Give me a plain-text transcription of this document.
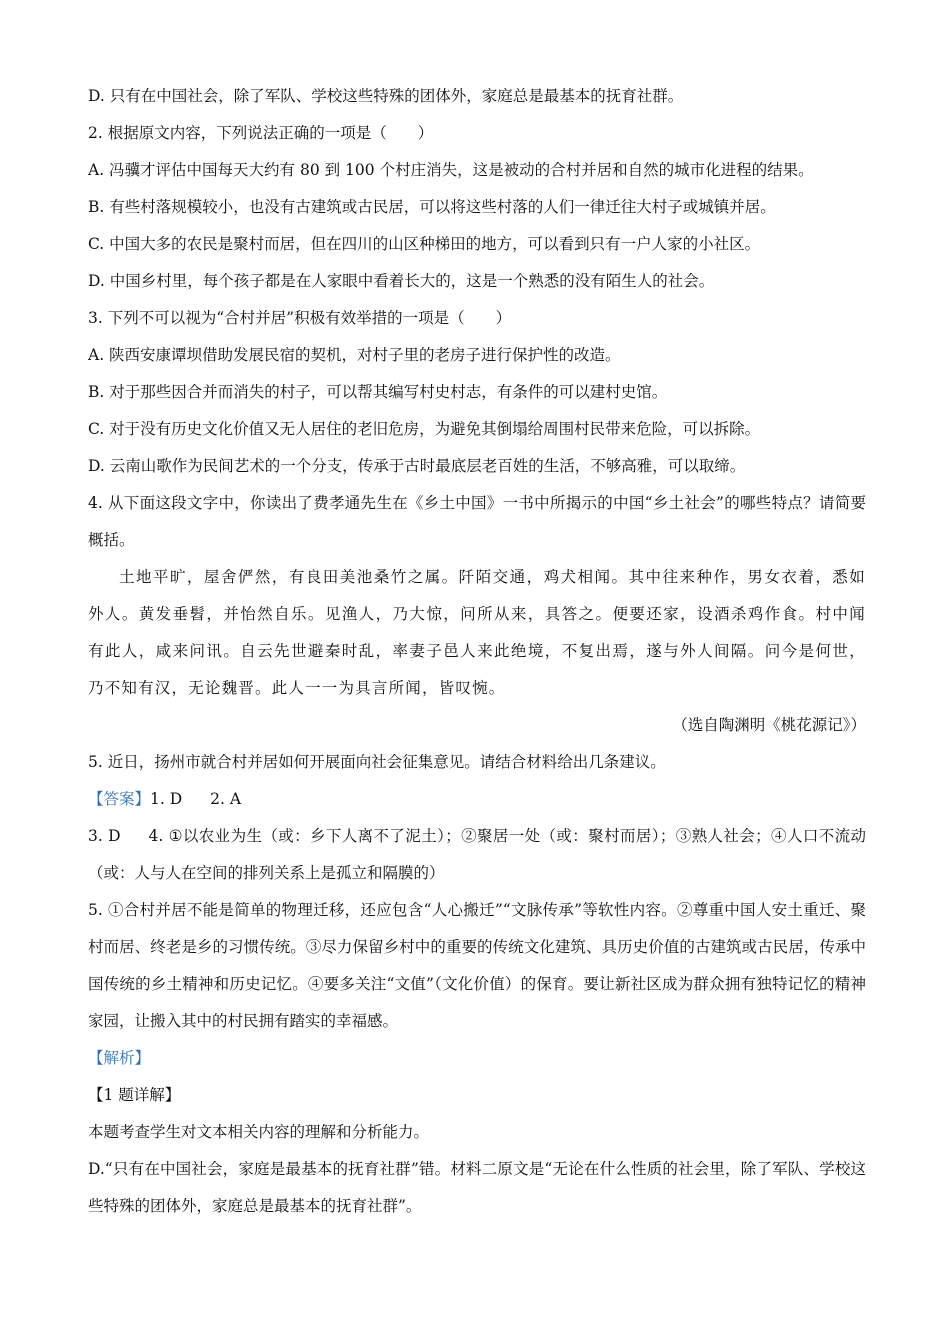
D. 只有在中国社会，除了军队、学校这些特殊的团体外，家庭总是最基本的抚育社群。
2. 根据原文内容，下列说法正确的一项是（　　）
A. 冯骥才评估中国每天大约有 80 到 100 个村庄消失，这是被动的合村并居和自然的城市化进程的结果。
B. 有些村落规模较小，也没有古建筑或古民居，可以将这些村落的人们一律迁往大村子或城镇并居。
C. 中国大多的农民是聚村而居，但在四川的山区种梯田的地方，可以看到只有一户人家的小社区。
D. 中国乡村里，每个孩子都是在人家眼中看着长大的，这是一个熟悉的没有陌生人的社会。
3. 下列不可以视为“合村并居”积极有效举措的一项是（　　）
A. 陕西安康谭坝借助发展民宿的契机，对村子里的老房子进行保护性的改造。
B. 对于那些因合并而消失的村子，可以帮其编写村史村志，有条件的可以建村史馆。
C. 对于没有历史文化价值又无人居住的老旧危房，为避免其倒塌给周围村民带来危险，可以拆除。
D. 云南山歌作为民间艺术的一个分支，传承于古时最底层老百姓的生活，不够高雅，可以取缔。
4. 从下面这段文字中，你读出了费孝通先生在《乡土中国》一书中所揭示的中国“乡土社会”的哪些特点？请简要概括。
土地平旷，屋舍俨然，有良田美池桑竹之属。阡陌交通，鸡犬相闻。其中往来种作，男女衣着，悉如外人。黄发垂髫，并怡然自乐。见渔人，乃大惊，问所从来，具答之。便要还家，设酒杀鸡作食。村中闻有此人，咸来问讯。自云先世避秦时乱，率妻子邑人来此绝境，不复出焉，遂与外人间隔。问今是何世，乃不知有汉，无论魏晋。此人一一为具言所闻，皆叹惋。
（选自陶渊明《桃花源记》）
5. 近日，扬州市就合村并居如何开展面向社会征集意见。请结合材料给出几条建议。
【答案】1. D 2. A
3. D 4. ①以农业为生（或：乡下人离不了泥土）；②聚居一处（或：聚村而居）；③熟人社会；④人口不流动（或：人与人在空间的排列关系上是孤立和隔膜的）
5. ①合村并居不能是简单的物理迁移，还应包含“人心搬迁”“文脉传承”等软性内容。②尊重中国人安土重迁、聚村而居、终老是乡的习惯传统。③尽力保留乡村中的重要的传统文化建筑、具历史价值的古建筑或古民居，传承中国传统的乡土精神和历史记忆。④要多关注“文值”（文化价值）的保育。要让新社区成为群众拥有独特记忆的精神家园，让搬入其中的村民拥有踏实的幸福感。
【解析】
【1 题详解】
本题考查学生对文本相关内容的理解和分析能力。
D.“只有在中国社会，家庭是最基本的抚育社群”错。材料二原文是“无论在什么性质的社会里，除了军队、学校这些特殊的团体外，家庭总是最基本的抚育社群”。
